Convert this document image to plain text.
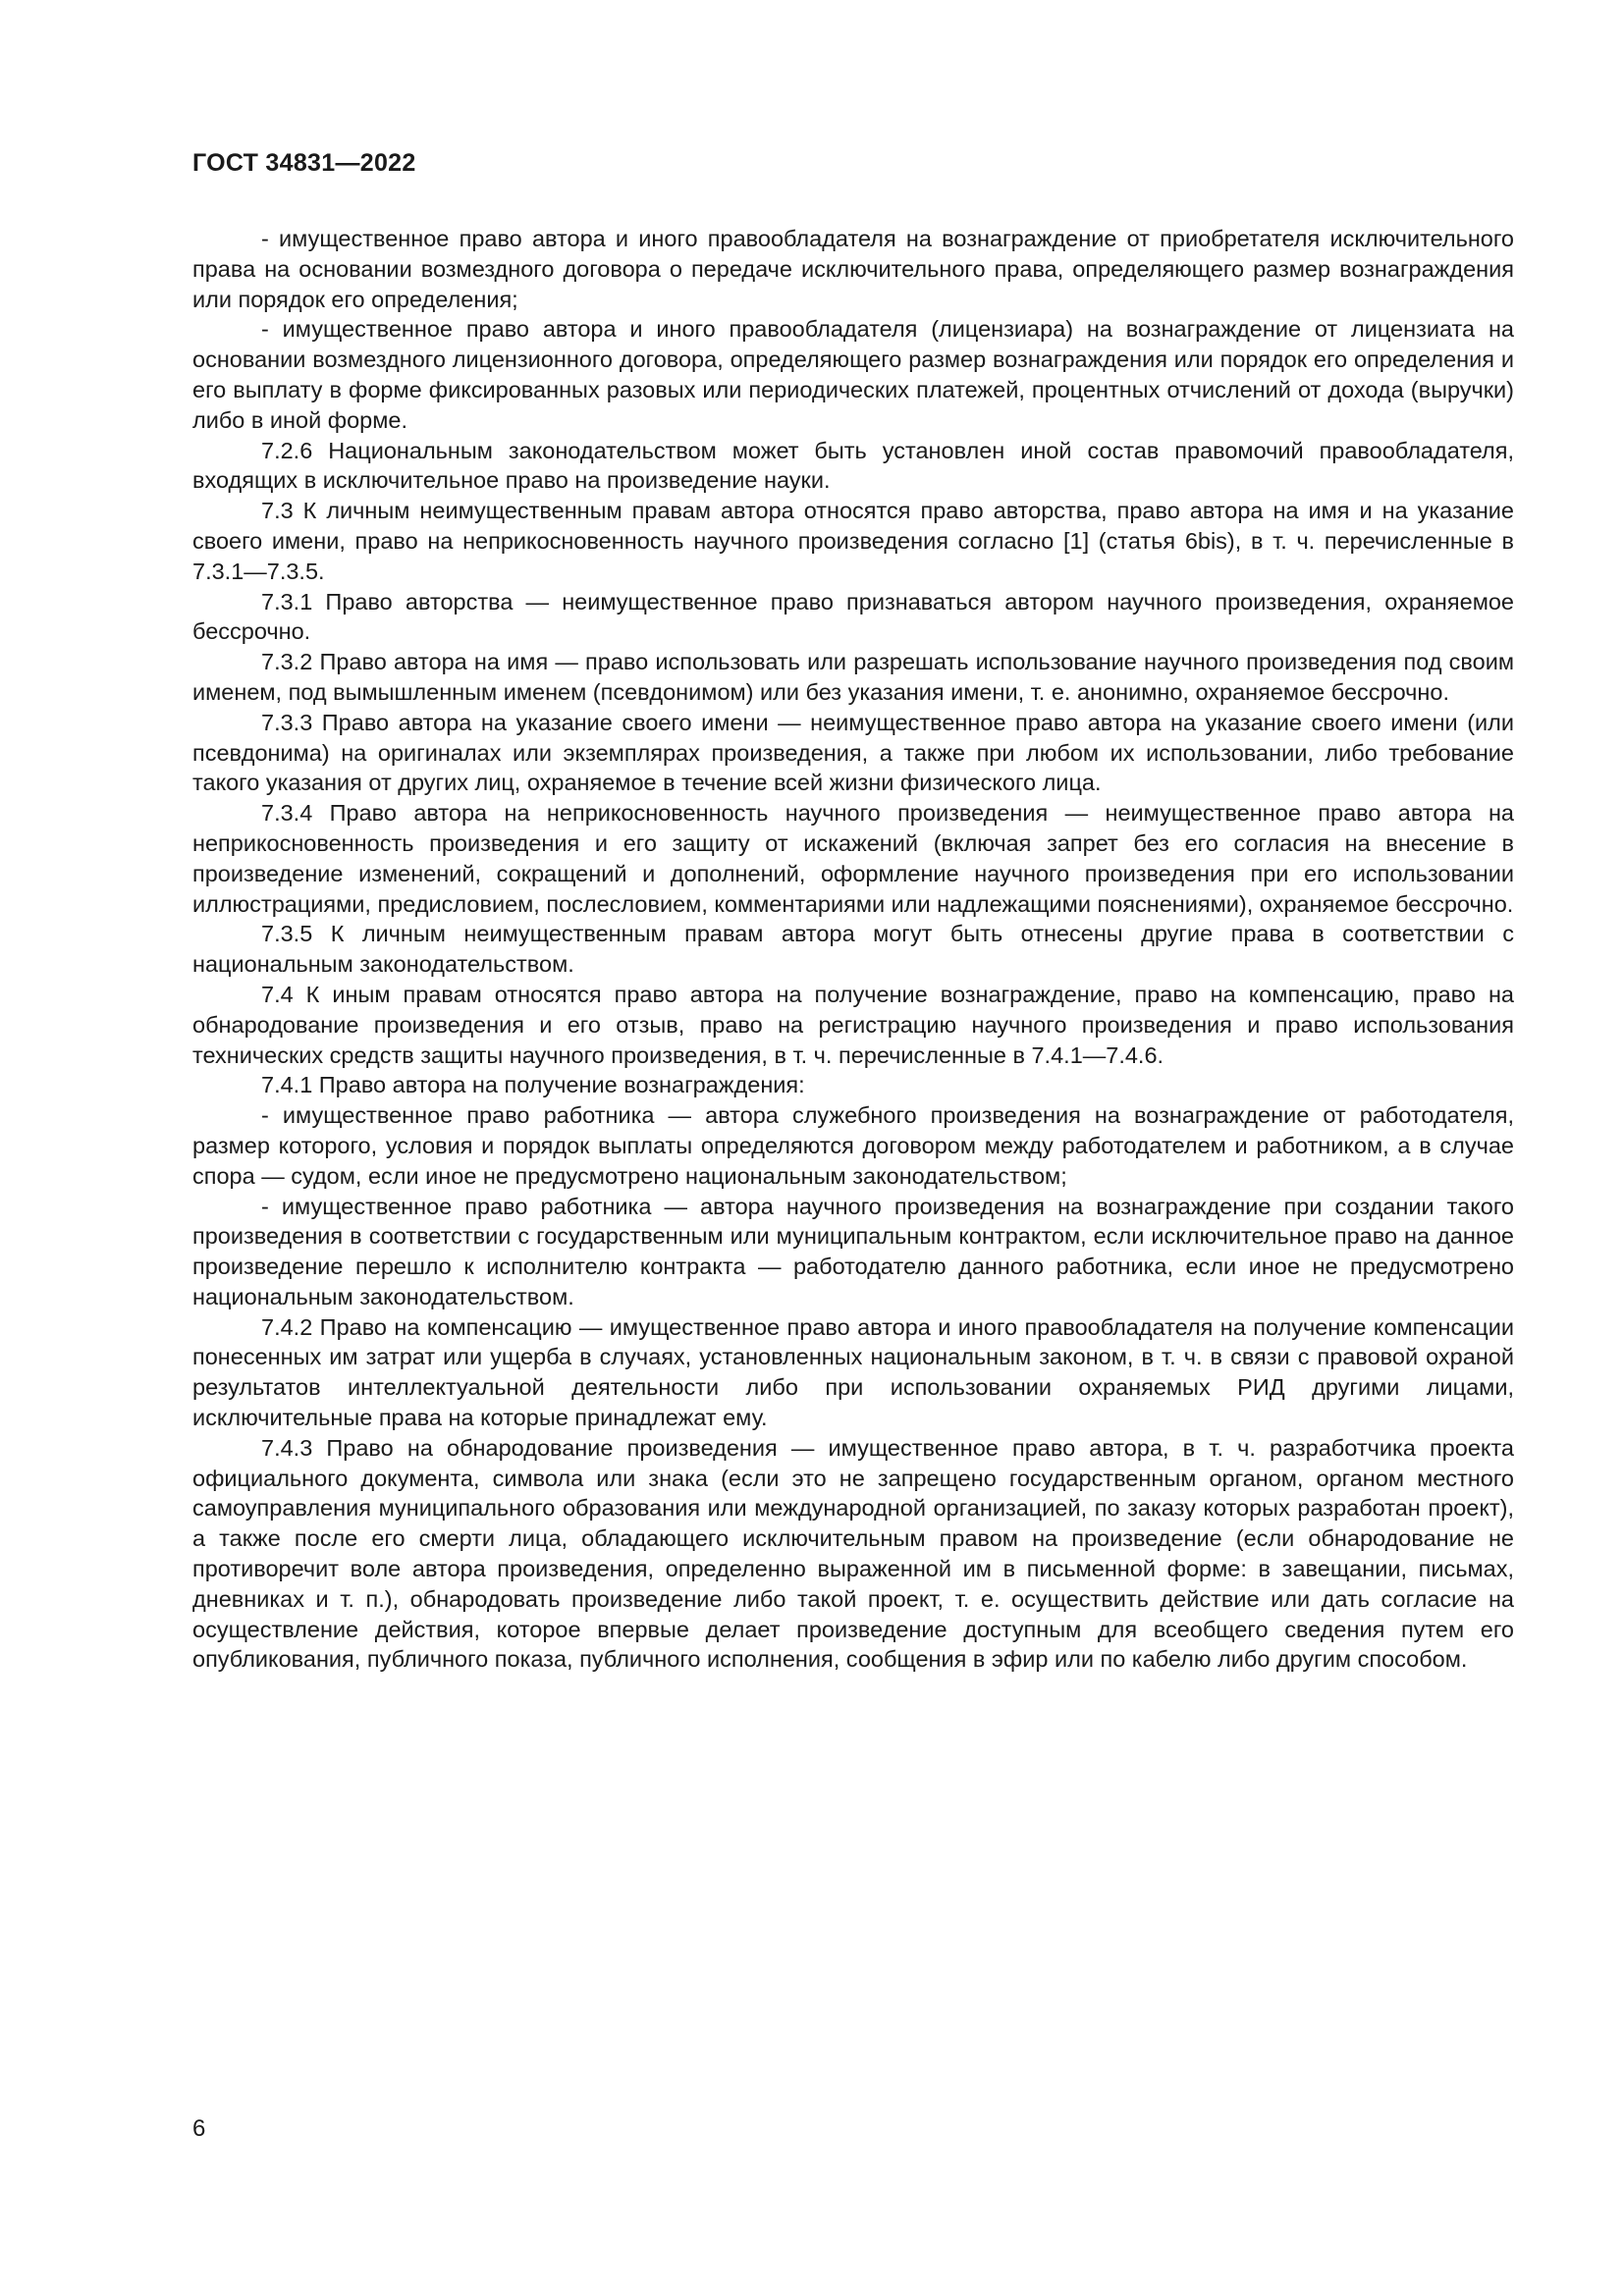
ГОСТ 34831—2022

- имущественное право автора и иного правообладателя на вознаграждение от приобретателя исключительного права на основании возмездного договора о передаче исключительного права, определяющего размер вознаграждения или порядок его определения;

- имущественное право автора и иного правообладателя (лицензиара) на вознаграждение от лицензиата на основании возмездного лицензионного договора, определяющего размер вознаграждения или порядок его определения и его выплату в форме фиксированных разовых или периодических платежей, процентных отчислений от дохода (выручки) либо в иной форме.

7.2.6 Национальным законодательством может быть установлен иной состав правомочий правообладателя, входящих в исключительное право на произведение науки.

7.3 К личным неимущественным правам автора относятся право авторства, право автора на имя и на указание своего имени, право на неприкосновенность научного произведения согласно [1] (статья 6bis), в т. ч. перечисленные в 7.3.1—7.3.5.

7.3.1 Право авторства — неимущественное право признаваться автором научного произведения, охраняемое бессрочно.

7.3.2 Право автора на имя — право использовать или разрешать использование научного произведения под своим именем, под вымышленным именем (псевдонимом) или без указания имени, т. е. анонимно, охраняемое бессрочно.

7.3.3 Право автора на указание своего имени — неимущественное право автора на указание своего имени (или псевдонима) на оригиналах или экземплярах произведения, а также при любом их использовании, либо требование такого указания от других лиц, охраняемое в течение всей жизни физического лица.

7.3.4 Право автора на неприкосновенность научного произведения — неимущественное право автора на неприкосновенность произведения и его защиту от искажений (включая запрет без его согласия на внесение в произведение изменений, сокращений и дополнений, оформление научного произведения при его использовании иллюстрациями, предисловием, послесловием, комментариями или надлежащими пояснениями), охраняемое бессрочно.

7.3.5 К личным неимущественным правам автора могут быть отнесены другие права в соответствии с национальным законодательством.

7.4 К иным правам относятся право автора на получение вознаграждение, право на компенсацию, право на обнародование произведения и его отзыв, право на регистрацию научного произведения и право использования технических средств защиты научного произведения, в т. ч. перечисленные в 7.4.1—7.4.6.

7.4.1 Право автора на получение вознаграждения:

- имущественное право работника — автора служебного произведения на вознаграждение от работодателя, размер которого, условия и порядок выплаты определяются договором между работодателем и работником, а в случае спора — судом, если иное не предусмотрено национальным законодательством;

- имущественное право работника — автора научного произведения на вознаграждение при создании такого произведения в соответствии с государственным или муниципальным контрактом, если исключительное право на данное произведение перешло к исполнителю контракта — работодателю данного работника, если иное не предусмотрено национальным законодательством.

7.4.2 Право на компенсацию — имущественное право автора и иного правообладателя на получение компенсации понесенных им затрат или ущерба в случаях, установленных национальным законом, в т. ч. в связи с правовой охраной результатов интеллектуальной деятельности либо при использовании охраняемых РИД другими лицами, исключительные права на которые принадлежат ему.

7.4.3 Право на обнародование произведения — имущественное право автора, в т. ч. разработчика проекта официального документа, символа или знака (если это не запрещено государственным органом, органом местного самоуправления муниципального образования или международной организацией, по заказу которых разработан проект), а также после его смерти лица, обладающего исключительным правом на произведение (если обнародование не противоречит воле автора произведения, определенно выраженной им в письменной форме: в завещании, письмах, дневниках и т. п.), обнародовать произведение либо такой проект, т. е. осуществить действие или дать согласие на осуществление действия, которое впервые делает произведение доступным для всеобщего сведения путем его опубликования, публичного показа, публичного исполнения, сообщения в эфир или по кабелю либо другим способом.

6
